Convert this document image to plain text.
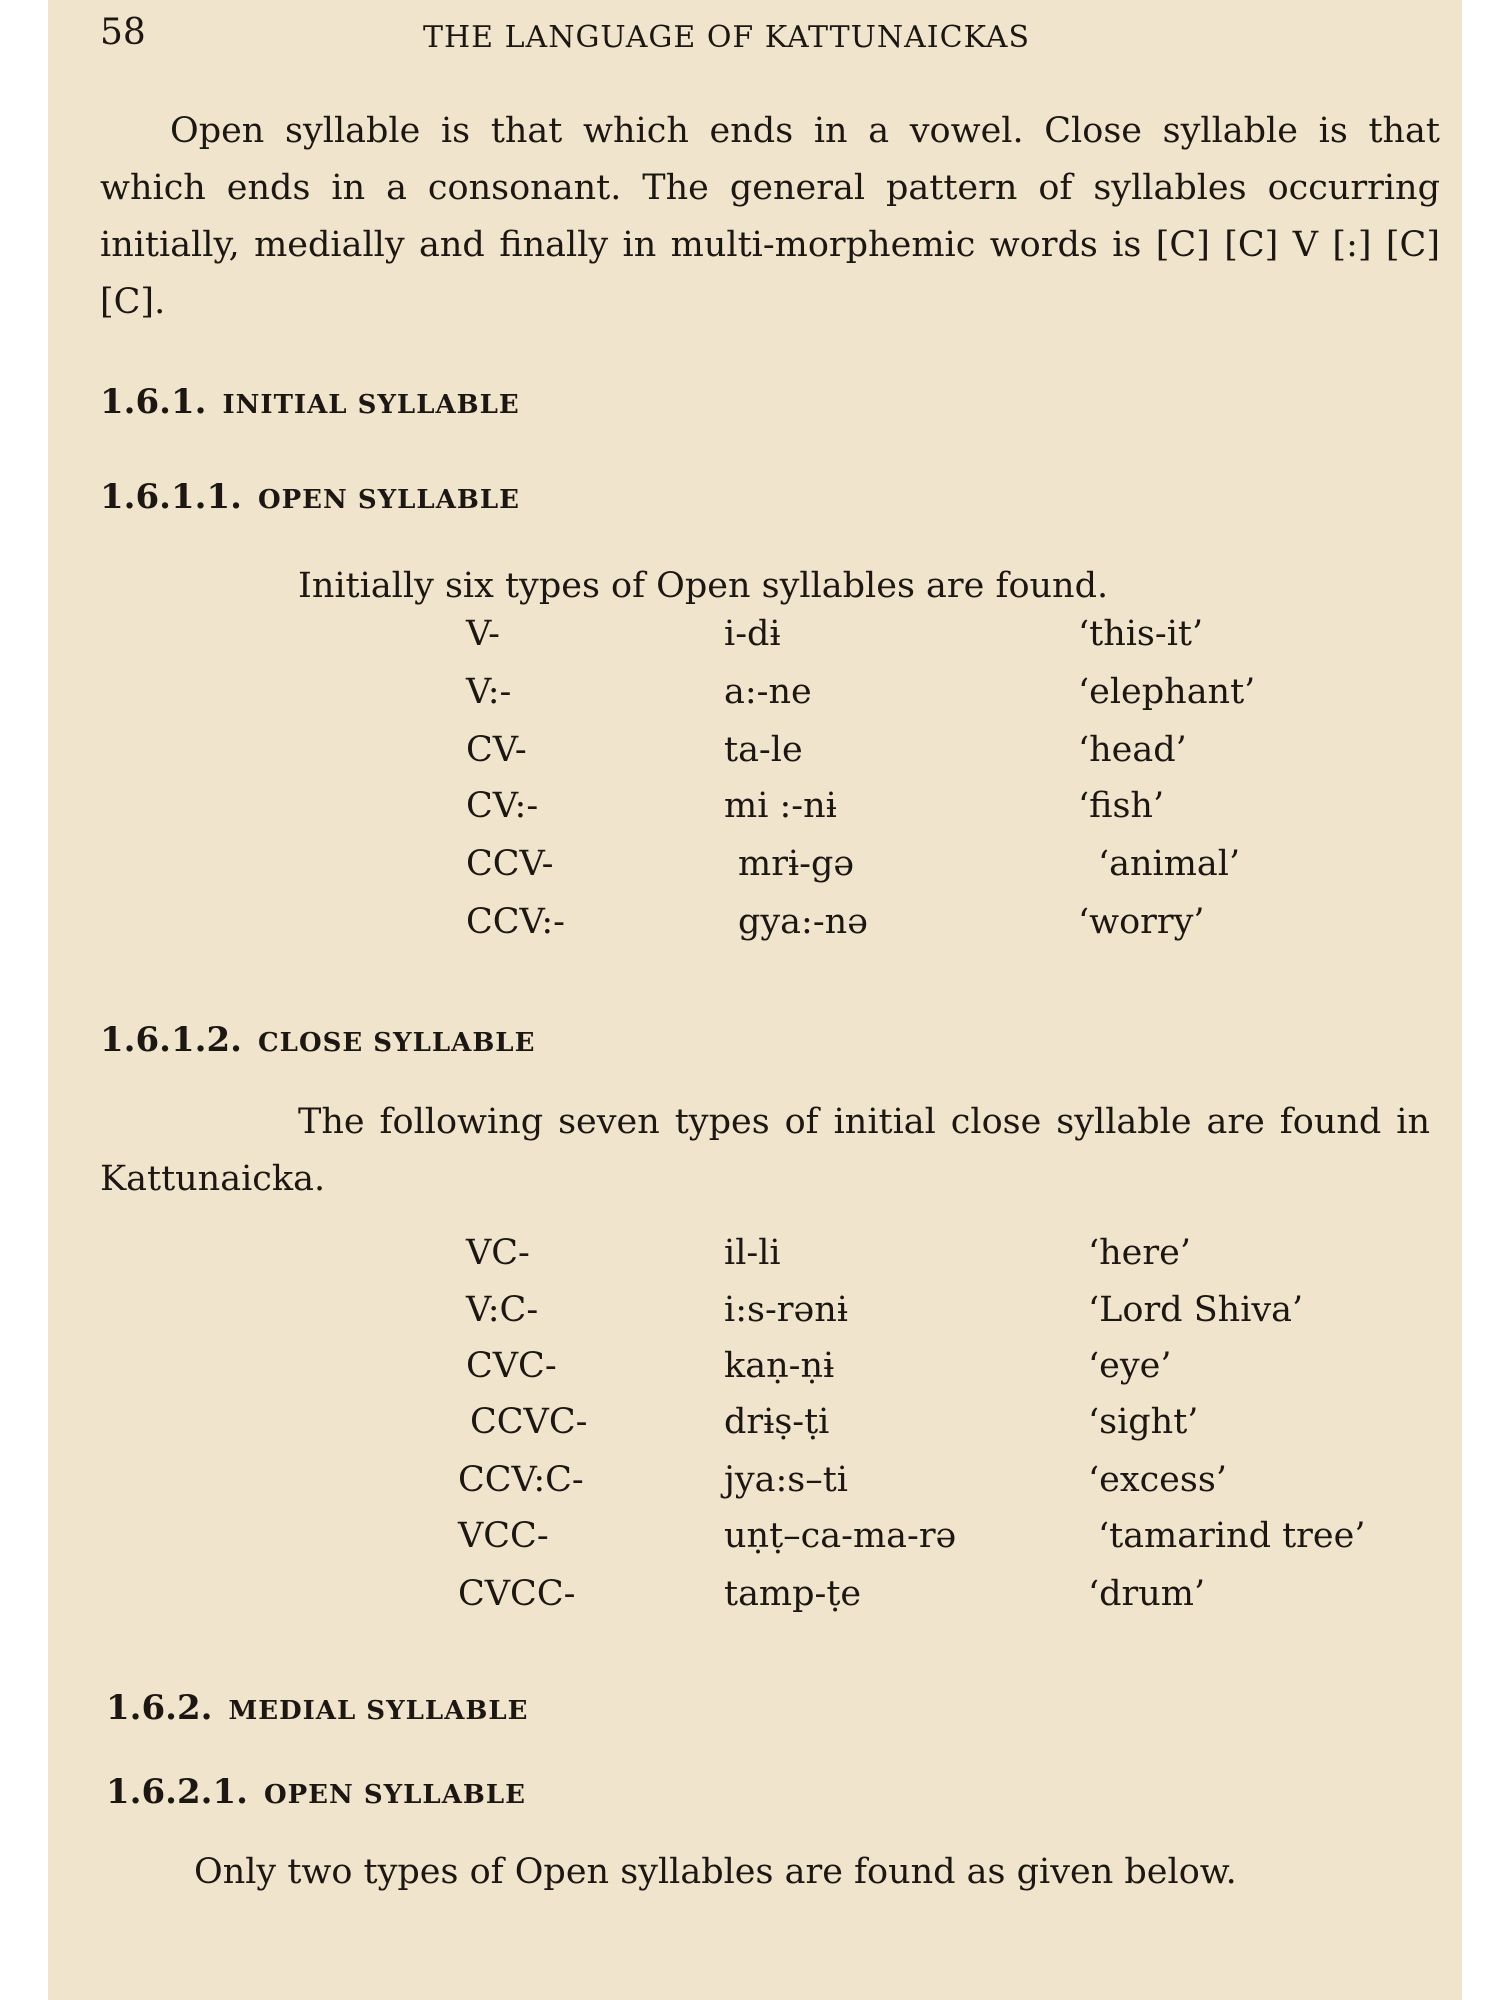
58	THE LANGUAGE OF KATTUNAICKAS
Open syllable is that which ends in a vowel. Close syllable is that which ends in a consonant. The general pattern of syllables occurring initially, medially and finally in multi-morphemic words is [C] [C] V [:] [C] [C].
1.6.1. INITIAL SYLLABLE
1.6.1.1. OPEN SYLLABLE
Initially six types of Open syllables are found.
V-	i-dɨ	‘this-it’
V:-	a:-ne	‘elephant’
CV-	ta-le	‘head’
CV:-	mi :-nɨ	‘fish’
CCV-	mrɨ-gə	‘animal’
CCV:-	gya:-nə	‘worry’
1.6.1.2. CLOSE SYLLABLE
The following seven types of initial close syllable are found in Kattunaicka.
VC-	il-li	‘here’
V:C-	i:s-rənɨ	‘Lord Shiva’
CVC-	kaṇ-ṇɨ	‘eye’
CCVC-	drɨṣ-ṭi	‘sight’
CCV:C-	jya:s–ti	‘excess’
VCC-	uṇṭ–ca-ma-rə	‘tamarind tree’
CVCC-	tamp-ṭe	‘drum’
1.6.2. MEDIAL SYLLABLE
1.6.2.1. OPEN SYLLABLE
Only two types of Open syllables are found as given below.
